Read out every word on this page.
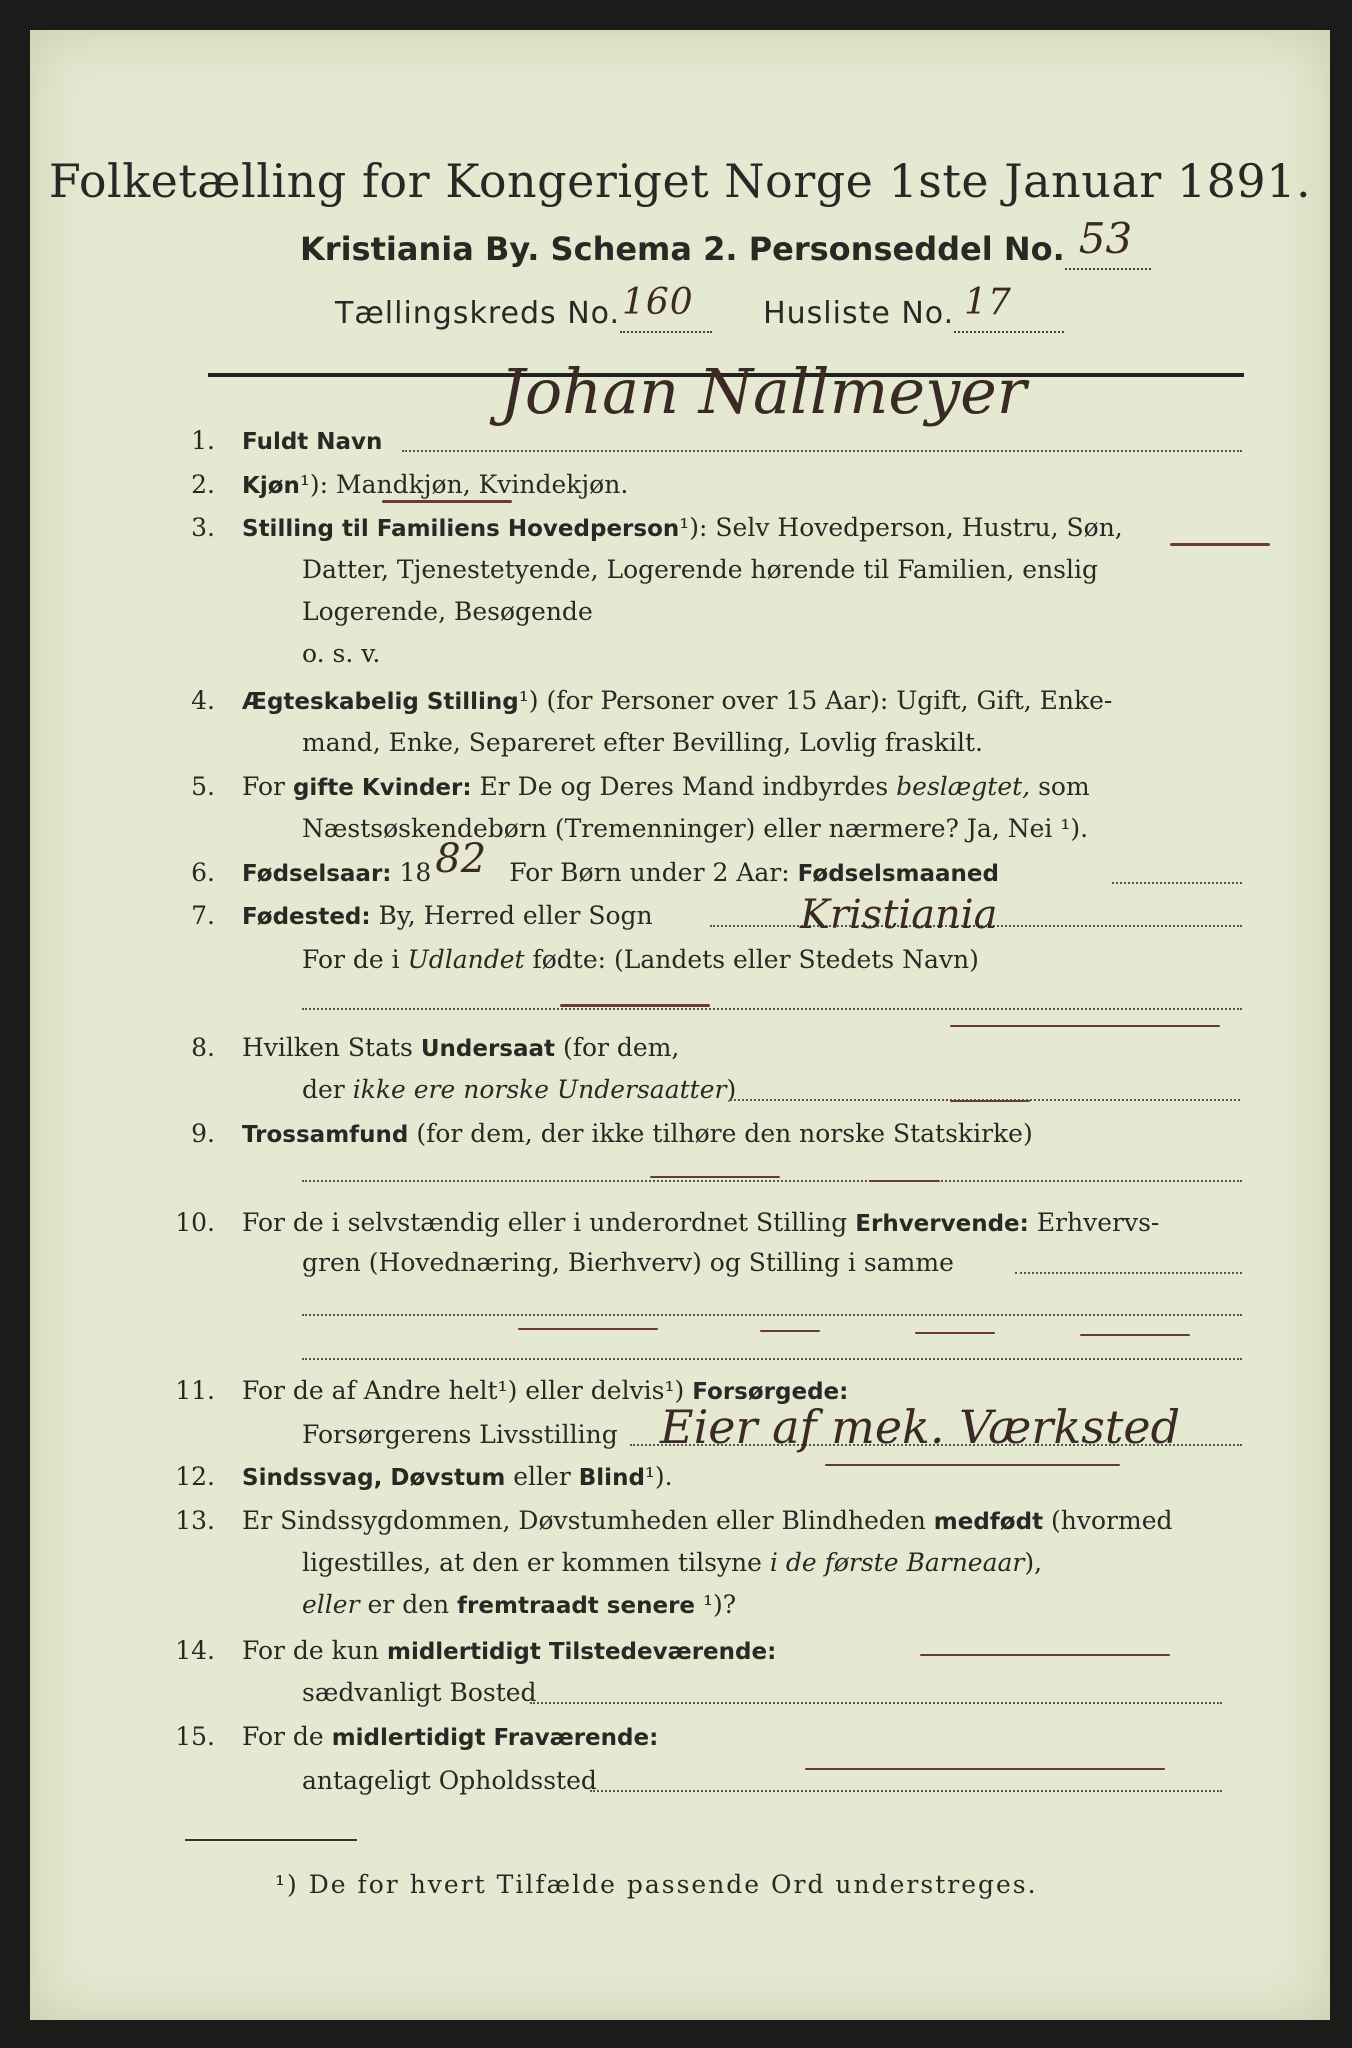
Folketælling for Kongeriget Norge 1ste Januar 1891.
Kristiania By. Schema 2. Personseddel No. 53

Tællingskreds No. 160 Husliste No. 17

1. Fuldt Navn
Johan Nallmeyer
2. Kjøn¹): Mandkjøn, Kvindekjøn.
3. Stilling til Familiens Hovedperson¹): Selv Hovedperson, Hustru, Søn,
Datter, Tjenestetyende, Logerende hørende til Familien, enslig
Logerende, Besøgende
o. s. v.
4. Ægteskabelig Stilling¹) (for Personer over 15 Aar): Ugift, Gift, Enke-
mand, Enke, Separeret efter Bevilling, Lovlig fraskilt.
5. For gifte Kvinder: Er De og Deres Mand indbyrdes beslægtet, som
Næstsøskendebørn (Tremenninger) eller nærmere? Ja, Nei ¹).
6. Fødselsaar: 18 82 For Børn under 2 Aar: Fødselsmaaned
7. Fødested: By, Herred eller Sogn	Kristiania
For de i Udlandet fødte: (Landets eller Stedets Navn)
8. Hvilken Stats Undersaat (for dem,
der ikke ere norske Undersaatter)
9. Trossamfund (for dem, der ikke tilhøre den norske Statskirke)
10. For de i selvstændig eller i underordnet Stilling Erhvervende: Erhvervs-
gren (Hovednæring, Bierhverv) og Stilling i samme
11. For de af Andre helt¹) eller delvis¹) Forsørgede:
Forsørgerens Livsstilling Eier af mek. Værksted
12. Sindssvag, Døvstum eller Blind¹).
13. Er Sindssygdommen, Døvstumheden eller Blindheden medfødt (hvormed
ligestilles, at den er kommen tilsyne i de første Barneaar),
eller er den fremtraadt senere ¹)?
14. For de kun midlertidigt Tilstedeværende:
sædvanligt Bosted
15. For de midlertidigt Fraværende:
antageligt Opholdssted
¹) De for hvert Tilfælde passende Ord understreges.
